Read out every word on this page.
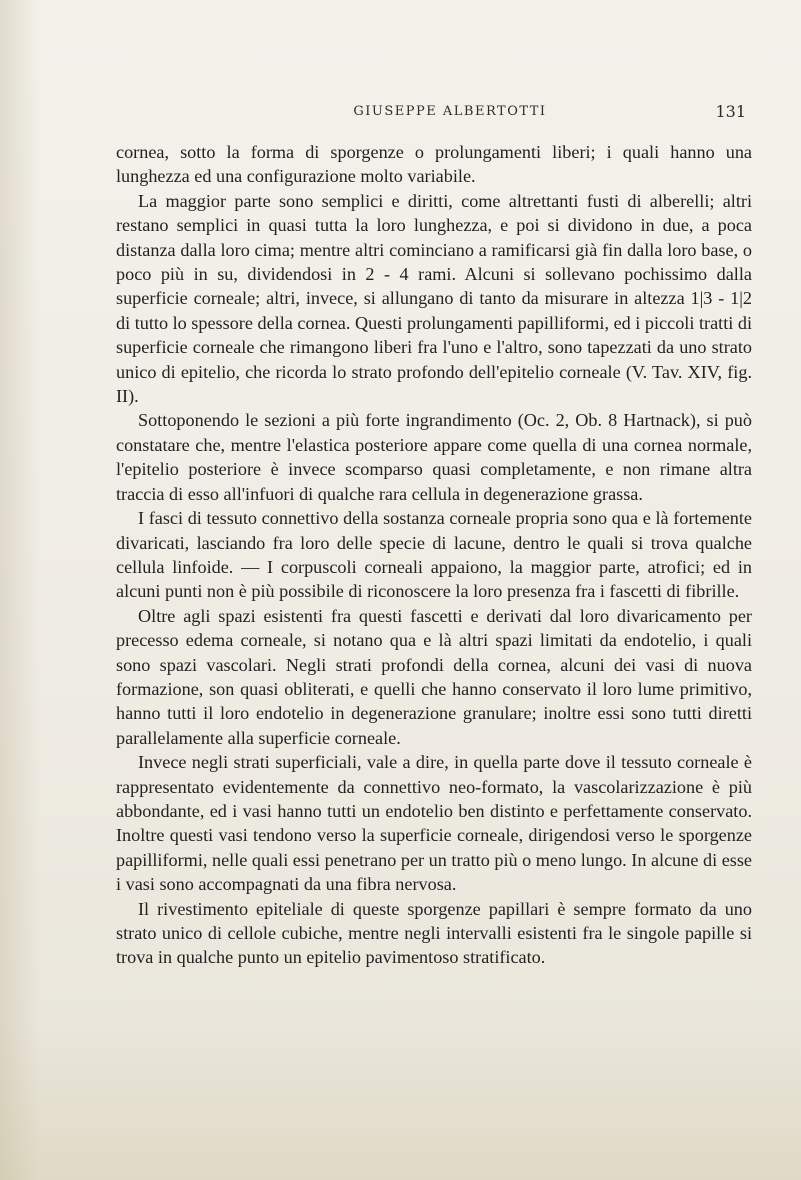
GIUSEPPE ALBERTOTTI	131

cornea, sotto la forma di sporgenze o prolungamenti liberi; i quali hanno una lunghezza ed una configurazione molto variabile.

La maggior parte sono semplici e diritti, come altrettanti fusti di alberelli; altri restano semplici in quasi tutta la loro lunghezza, e poi si dividono in due, a poca distanza dalla loro cima; mentre altri cominciano a ramificarsi già fin dalla loro base, o poco più in su, dividendosi in 2 - 4 rami. Alcuni si sollevano pochissimo dalla superficie corneale; altri, invece, si allungano di tanto da misurare in altezza 1|3 - 1|2 di tutto lo spessore della cornea. Questi prolungamenti papilliformi, ed i piccoli tratti di superficie corneale che rimangono liberi fra l'uno e l'altro, sono tapezzati da uno strato unico di epitelio, che ricorda lo strato profondo dell'epitelio corneale (V. Tav. XIV, fig. II).

Sottoponendo le sezioni a più forte ingrandimento (Oc. 2, Ob. 8 Hartnack), si può constatare che, mentre l'elastica posteriore appare come quella di una cornea normale, l'epitelio posteriore è invece scomparso quasi completamente, e non rimane altra traccia di esso all'infuori di qualche rara cellula in degenerazione grassa.

I fasci di tessuto connettivo della sostanza corneale propria sono qua e là fortemente divaricati, lasciando fra loro delle specie di lacune, dentro le quali si trova qualche cellula linfoide. — I corpuscoli corneali appaiono, la maggior parte, atrofici; ed in alcuni punti non è più possibile di riconoscere la loro presenza fra i fascetti di fibrille.

Oltre agli spazi esistenti fra questi fascetti e derivati dal loro divaricamento per precesso edema corneale, si notano qua e là altri spazi limitati da endotelio, i quali sono spazi vascolari. Negli strati profondi della cornea, alcuni dei vasi di nuova formazione, son quasi obliterati, e quelli che hanno conservato il loro lume primitivo, hanno tutti il loro endotelio in degenerazione granulare; inoltre essi sono tutti diretti parallelamente alla superficie corneale.

Invece negli strati superficiali, vale a dire, in quella parte dove il tessuto corneale è rappresentato evidentemente da connettivo neo-formato, la vascolarizzazione è più abbondante, ed i vasi hanno tutti un endotelio ben distinto e perfettamente conservato. Inoltre questi vasi tendono verso la superficie corneale, dirigendosi verso le sporgenze papilliformi, nelle quali essi penetrano per un tratto più o meno lungo. In alcune di esse i vasi sono accompagnati da una fibra nervosa.

Il rivestimento epiteliale di queste sporgenze papillari è sempre formato da uno strato unico di cellole cubiche, mentre negli intervalli esistenti fra le singole papille si trova in qualche punto un epitelio pavimentoso stratificato.
